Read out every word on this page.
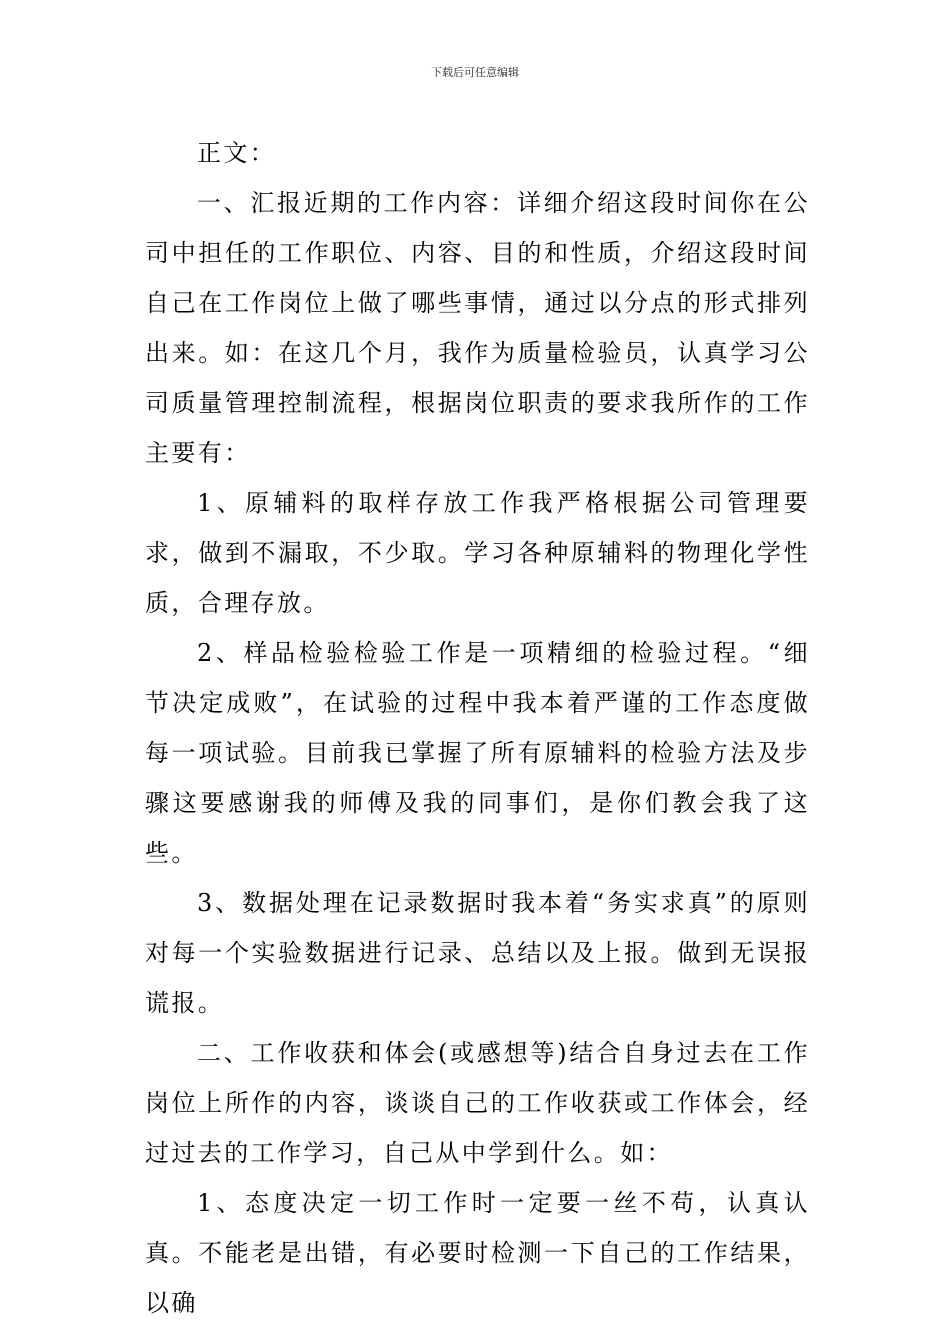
下载后可任意编辑

正文：

一、汇报近期的工作内容：详细介绍这段时间你在公司中担任的工作职位、内容、目的和性质，介绍这段时间自己在工作岗位上做了哪些事情，通过以分点的形式排列出来。如：在这几个月，我作为质量检验员，认真学习公司质量管理控制流程，根据岗位职责的要求我所作的工作主要有：

1、原辅料的取样存放工作我严格根据公司管理要求，做到不漏取，不少取。学习各种原辅料的物理化学性质，合理存放。

2、样品检验检验工作是一项精细的检验过程。“细节决定成败”，在试验的过程中我本着严谨的工作态度做每一项试验。目前我已掌握了所有原辅料的检验方法及步骤这要感谢我的师傅及我的同事们，是你们教会我了这些。

3、数据处理在记录数据时我本着“务实求真”的原则对每一个实验数据进行记录、总结以及上报。做到无误报谎报。

二、工作收获和体会(或感想等)结合自身过去在工作岗位上所作的内容，谈谈自己的工作收获或工作体会，经过过去的工作学习，自己从中学到什么。如：

1、态度决定一切工作时一定要一丝不苟，认真认真。不能老是出错，有必要时检测一下自己的工作结果，以确
